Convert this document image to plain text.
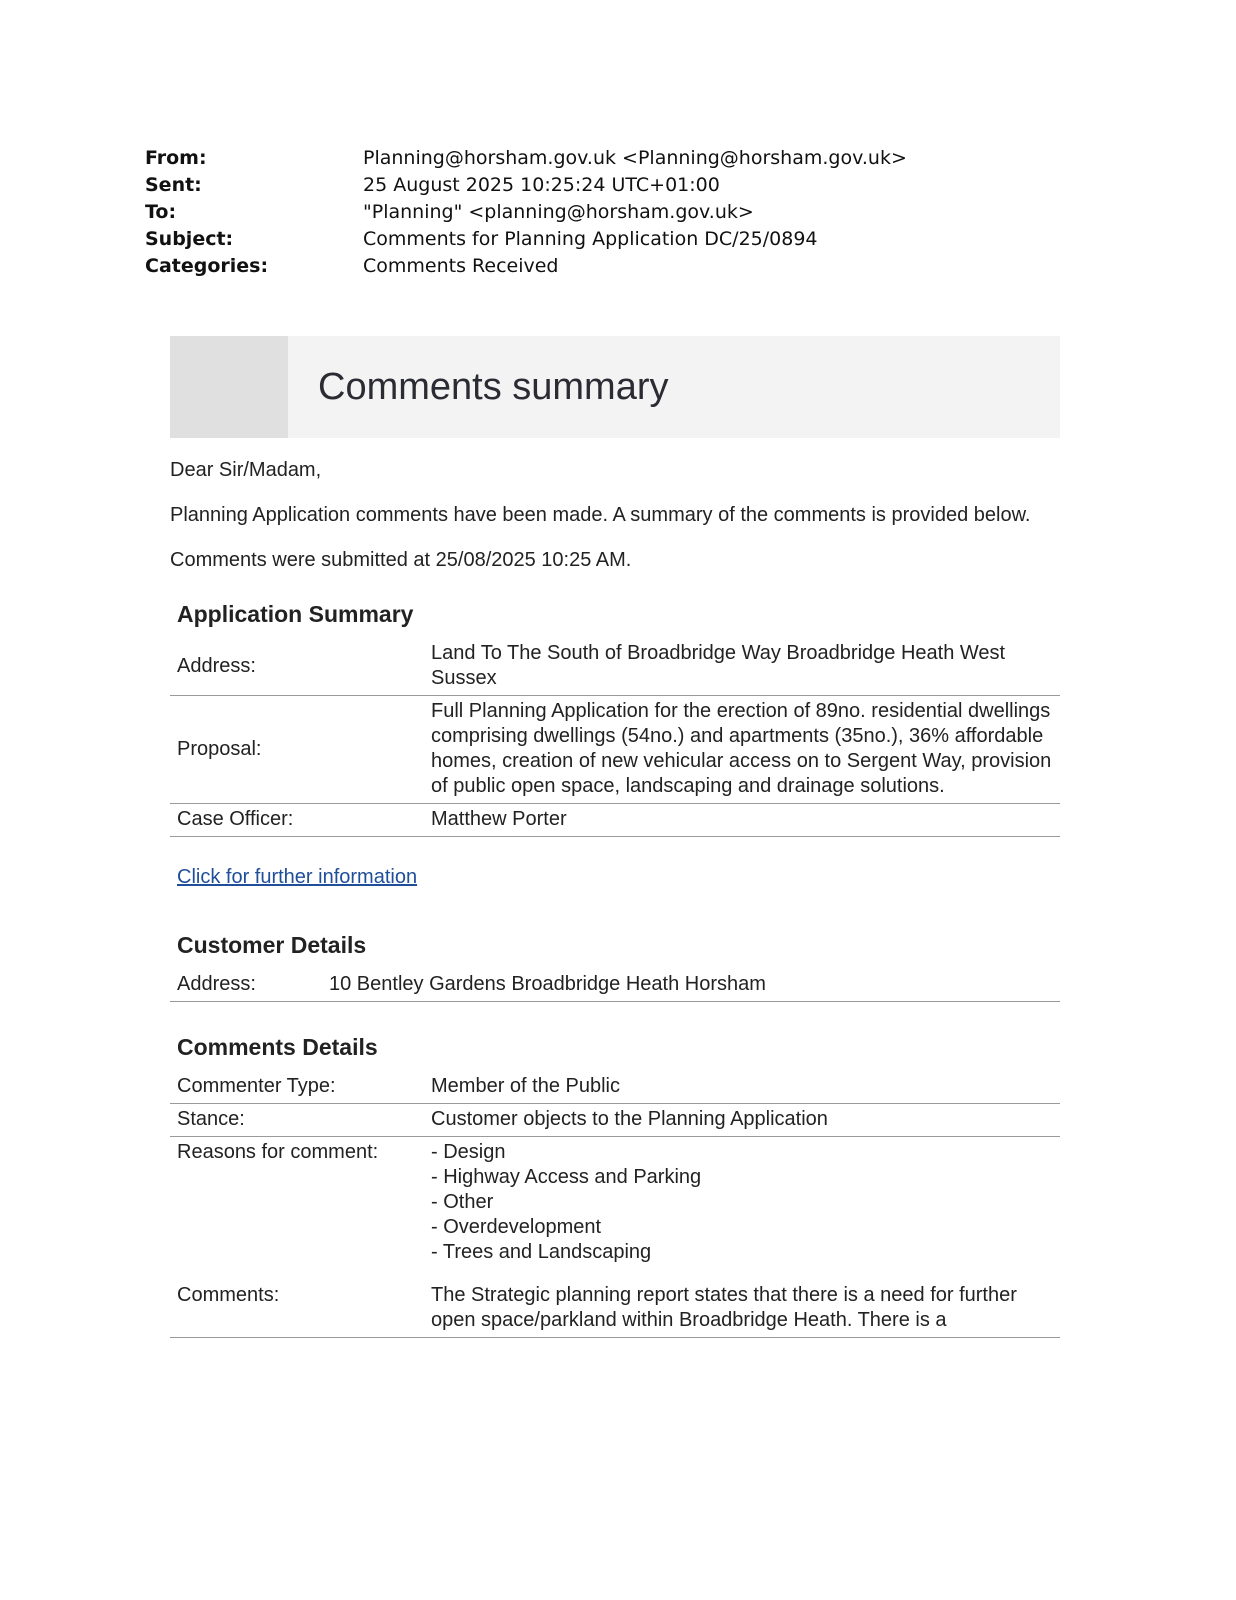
From:	Planning@horsham.gov.uk <Planning@horsham.gov.uk>
Sent:	25 August 2025 10:25:24 UTC+01:00
To:	"Planning" <planning@horsham.gov.uk>
Subject:	Comments for Planning Application DC/25/0894
Categories:	Comments Received
Comments summary

Dear Sir/Madam,

Planning Application comments have been made. A summary of the comments is provided below.

Comments were submitted at 25/08/2025 10:25 AM.

Application Summary
Address:	Land To The South of Broadbridge Way Broadbridge Heath West Sussex
Proposal:	Full Planning Application for the erection of 89no. residential dwellings comprising dwellings (54no.) and apartments (35no.), 36% affordable homes, creation of new vehicular access on to Sergent Way, provision of public open space, landscaping and drainage solutions.
Case Officer:	Matthew Porter
Click for further information
Customer Details
Address:	10 Bentley Gardens Broadbridge Heath Horsham
Comments Details
Commenter Type:	Member of the Public
Stance:	Customer objects to the Planning Application
Reasons for comment:	- Design
- Highway Access and Parking
- Other
- Overdevelopment
- Trees and Landscaping

Comments:	The Strategic planning report states that there is a need for further open space/parkland within Broadbridge Heath. There is a
